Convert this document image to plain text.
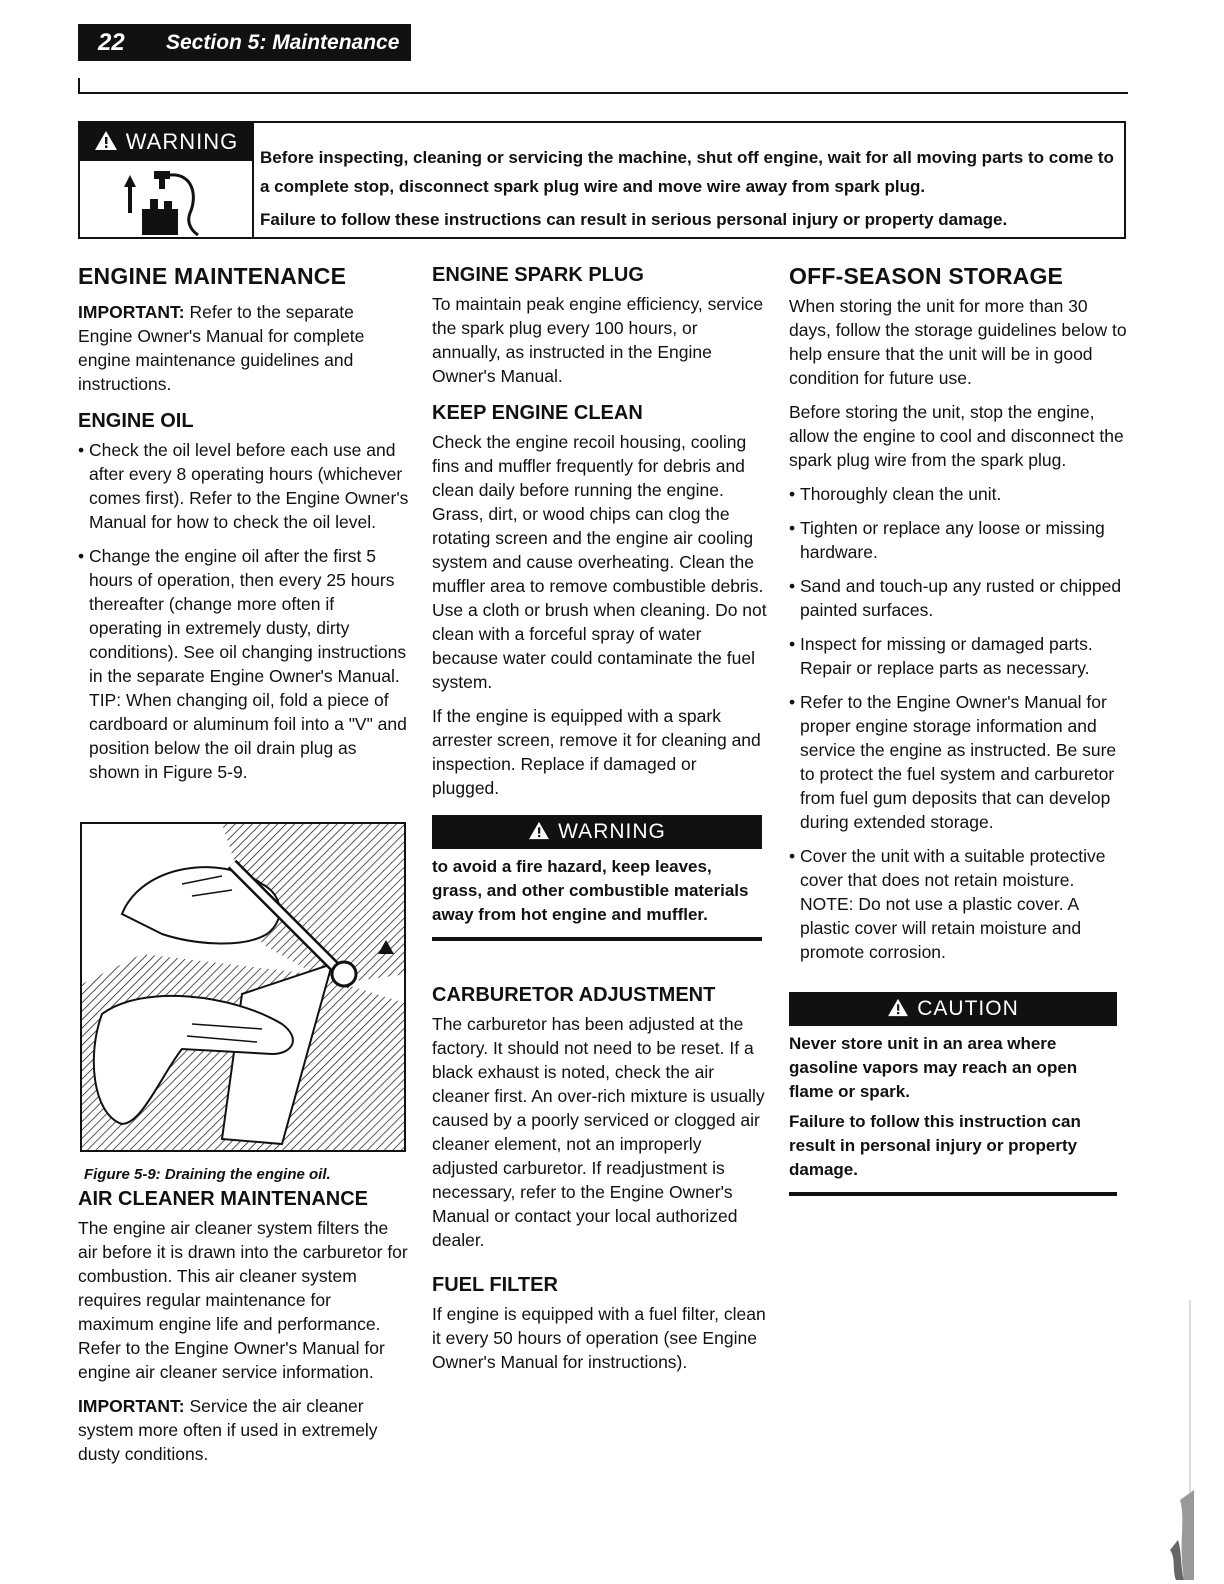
22 Section 5: Maintenance
WARNING
Before inspecting, cleaning or servicing the machine, shut off engine, wait for all moving parts to come to a complete stop, disconnect spark plug wire and move wire away from spark plug.
Failure to follow these instructions can result in serious personal injury or property damage.
ENGINE MAINTENANCE

IMPORTANT: Refer to the separate Engine Owner's Manual for complete engine maintenance guidelines and instructions.

ENGINE OIL
• Check the oil level before each use and after every 8 operating hours (whichever comes first). Refer to the Engine Owner's Manual for how to check the oil level.
• Change the engine oil after the first 5 hours of operation, then every 25 hours thereafter (change more often if operating in extremely dusty, dirty conditions). See oil changing instructions in the separate Engine Owner's Manual. TIP: When changing oil, fold a piece of cardboard or aluminum foil into a "V" and position below the oil drain plug as shown in Figure 5-9.
Figure 5-9: Draining the engine oil.
AIR CLEANER MAINTENANCE

The engine air cleaner system filters the air before it is drawn into the carburetor for combustion. This air cleaner system requires regular maintenance for maximum engine life and performance. Refer to the Engine Owner's Manual for engine air cleaner service information.

IMPORTANT: Service the air cleaner system more often if used in extremely dusty conditions.

ENGINE SPARK PLUG

To maintain peak engine efficiency, service the spark plug every 100 hours, or annually, as instructed in the Engine Owner's Manual.

KEEP ENGINE CLEAN

Check the engine recoil housing, cooling fins and muffler frequently for debris and clean daily before running the engine. Grass, dirt, or wood chips can clog the rotating screen and the engine air cooling system and cause overheating. Clean the muffler area to remove combustible debris. Use a cloth or brush when cleaning. Do not clean with a forceful spray of water because water could contaminate the fuel system.

If the engine is equipped with a spark arrester screen, remove it for cleaning and inspection. Replace if damaged or plugged.

WARNING
to avoid a fire hazard, keep leaves, grass, and other combustible materials away from hot engine and muffler.
CARBURETOR ADJUSTMENT

The carburetor has been adjusted at the factory. It should not need to be reset. If a black exhaust is noted, check the air cleaner first. An over-rich mixture is usually caused by a poorly serviced or clogged air cleaner element, not an improperly adjusted carburetor. If readjustment is necessary, refer to the Engine Owner's Manual or contact your local authorized dealer.

FUEL FILTER

If engine is equipped with a fuel filter, clean it every 50 hours of operation (see Engine Owner's Manual for instructions).

OFF-SEASON STORAGE

When storing the unit for more than 30 days, follow the storage guidelines below to help ensure that the unit will be in good condition for future use.

Before storing the unit, stop the engine, allow the engine to cool and disconnect the spark plug wire from the spark plug.

• Thoroughly clean the unit.
• Tighten or replace any loose or missing hardware.
• Sand and touch-up any rusted or chipped painted surfaces.
• Inspect for missing or damaged parts. Repair or replace parts as necessary.
• Refer to the Engine Owner's Manual for proper engine storage information and service the engine as instructed. Be sure to protect the fuel system and carburetor from fuel gum deposits that can develop during extended storage.
• Cover the unit with a suitable protective cover that does not retain moisture. NOTE: Do not use a plastic cover. A plastic cover will retain moisture and promote corrosion.
CAUTION

Never store unit in an area where gasoline vapors may reach an open flame or spark.

Failure to follow this instruction can result in personal injury or property damage.
